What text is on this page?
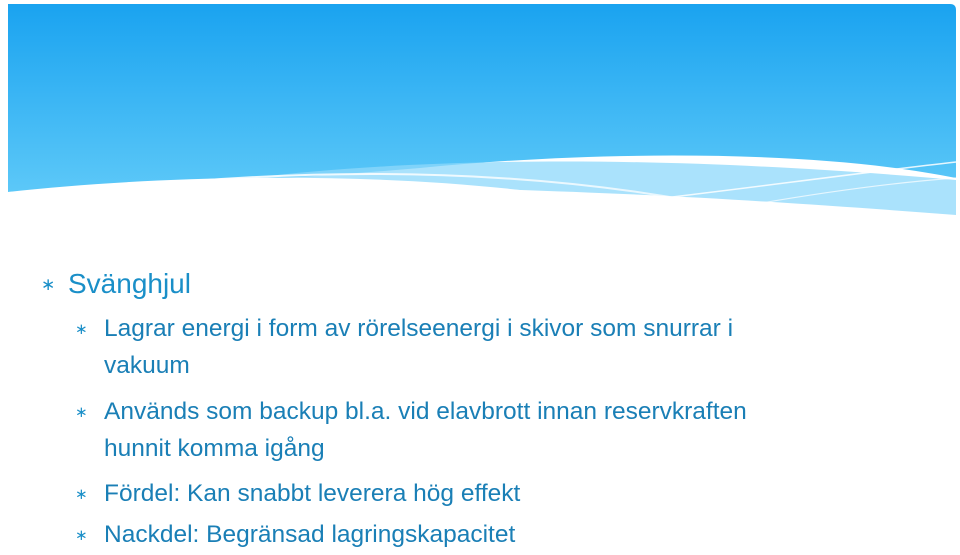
∗ Svänghjul
∗ Lagrar energi i form av rörelseenergi i skivor som snurrar i
vakuum
∗ Används som backup bl.a. vid elavbrott innan reservkraften
hunnit komma igång
∗ Fördel: Kan snabbt leverera hög effekt
∗ Nackdel: Begränsad lagringskapacitet
